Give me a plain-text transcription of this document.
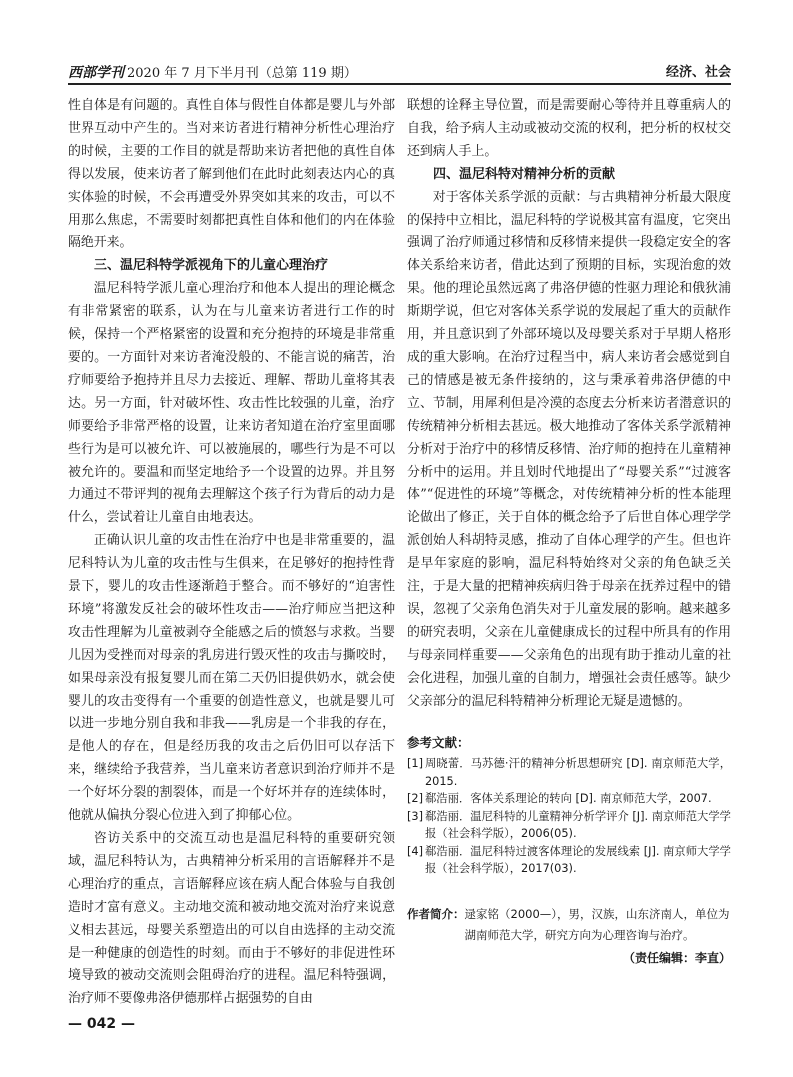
西部学刊 2020 年 7 月下半月刊（总第 119 期）	经济、社会

性自体是有问题的。真性自体与假性自体都是婴儿与外部世界互动中产生的。当对来访者进行精神分析性心理治疗的时候，主要的工作目的就是帮助来访者把他的真性自体得以发展，使来访者了解到他们在此时此刻表达内心的真实体验的时候，不会再遭受外界突如其来的攻击，可以不用那么焦虑，不需要时刻都把真性自体和他们的内在体验隔绝开来。

三、温尼科特学派视角下的儿童心理治疗

温尼科特学派儿童心理治疗和他本人提出的理论概念有非常紧密的联系，认为在与儿童来访者进行工作的时候，保持一个严格紧密的设置和充分抱持的环境是非常重要的。一方面针对来访者淹没般的、不能言说的痛苦，治疗师要给予抱持并且尽力去接近、理解、帮助儿童将其表达。另一方面，针对破坏性、攻击性比较强的儿童，治疗师要给予非常严格的设置，让来访者知道在治疗室里面哪些行为是可以被允许、可以被施展的，哪些行为是不可以被允许的。要温和而坚定地给予一个设置的边界。并且努力通过不带评判的视角去理解这个孩子行为背后的动力是什么，尝试着让儿童自由地表达。

正确认识儿童的攻击性在治疗中也是非常重要的，温尼科特认为儿童的攻击性与生俱来，在足够好的抱持性背景下，婴儿的攻击性逐渐趋于整合。而不够好的“迫害性环境”将激发反社会的破坏性攻击——治疗师应当把这种攻击性理解为儿童被剥夺全能感之后的愤怒与求救。当婴儿因为受挫而对母亲的乳房进行毁灭性的攻击与撕咬时，如果母亲没有报复婴儿而在第二天仍旧提供奶水，就会使婴儿的攻击变得有一个重要的创造性意义，也就是婴儿可以进一步地分别自我和非我——乳房是一个非我的存在，是他人的存在，但是经历我的攻击之后仍旧可以存活下来，继续给予我营养，当儿童来访者意识到治疗师并不是一个好坏分裂的割裂体，而是一个好坏并存的连续体时，他就从偏执分裂心位进入到了抑郁心位。

咨访关系中的交流互动也是温尼科特的重要研究领域，温尼科特认为，古典精神分析采用的言语解释并不是心理治疗的重点，言语解释应该在病人配合体验与自我创造时才富有意义。主动地交流和被动地交流对治疗来说意义相去甚远，母婴关系塑造出的可以自由选择的主动交流是一种健康的创造性的时刻。而由于不够好的非促进性环境导致的被动交流则会阻碍治疗的进程。温尼科特强调，治疗师不要像弗洛伊德那样占据强势的自由

联想的诠释主导位置，而是需要耐心等待并且尊重病人的自我，给予病人主动或被动交流的权利，把分析的权杖交还到病人手上。

四、温尼科特对精神分析的贡献

对于客体关系学派的贡献：与古典精神分析最大限度的保持中立相比，温尼科特的学说极其富有温度，它突出强调了治疗师通过移情和反移情来提供一段稳定安全的客体关系给来访者，借此达到了预期的目标，实现治愈的效果。他的理论虽然远离了弗洛伊德的性驱力理论和俄狄浦斯期学说，但它对客体关系学说的发展起了重大的贡献作用，并且意识到了外部环境以及母婴关系对于早期人格形成的重大影响。在治疗过程当中，病人来访者会感觉到自己的情感是被无条件接纳的，这与秉承着弗洛伊德的中立、节制，用犀利但是冷漠的态度去分析来访者潜意识的传统精神分析相去甚远。极大地推动了客体关系学派精神分析对于治疗中的移情反移情、治疗师的抱持在儿童精神分析中的运用。并且划时代地提出了“母婴关系”“过渡客体”“促进性的环境”等概念，对传统精神分析的性本能理论做出了修正，关于自体的概念给予了后世自体心理学学派创始人科胡特灵感，推动了自体心理学的产生。但也许是早年家庭的影响，温尼科特始终对父亲的角色缺乏关注，于是大量的把精神疾病归咎于母亲在抚养过程中的错误，忽视了父亲角色消失对于儿童发展的影响。越来越多的研究表明，父亲在儿童健康成长的过程中所具有的作用与母亲同样重要——父亲角色的出现有助于推动儿童的社会化进程，加强儿童的自制力，增强社会责任感等。缺少父亲部分的温尼科特精神分析理论无疑是遗憾的。

参考文献：
[1] 周晓蕾．马苏德·汗的精神分析思想研究 [D]. 南京师范大学，2015.
[2] 郗浩丽．客体关系理论的转向 [D]. 南京师范大学，2007.
[3] 郗浩丽．温尼科特的儿童精神分析学评介 [J]. 南京师范大学学报（社会科学版），2006(05).
[4] 郗浩丽．温尼科特过渡客体理论的发展线索 [J]. 南京师大学学报（社会科学版），2017(03).
作者简介： 逯家铭（2000—），男，汉族，山东济南人，单位为湖南师范大学，研究方向为心理咨询与治疗。
（责任编辑：李直）
— 042 —
